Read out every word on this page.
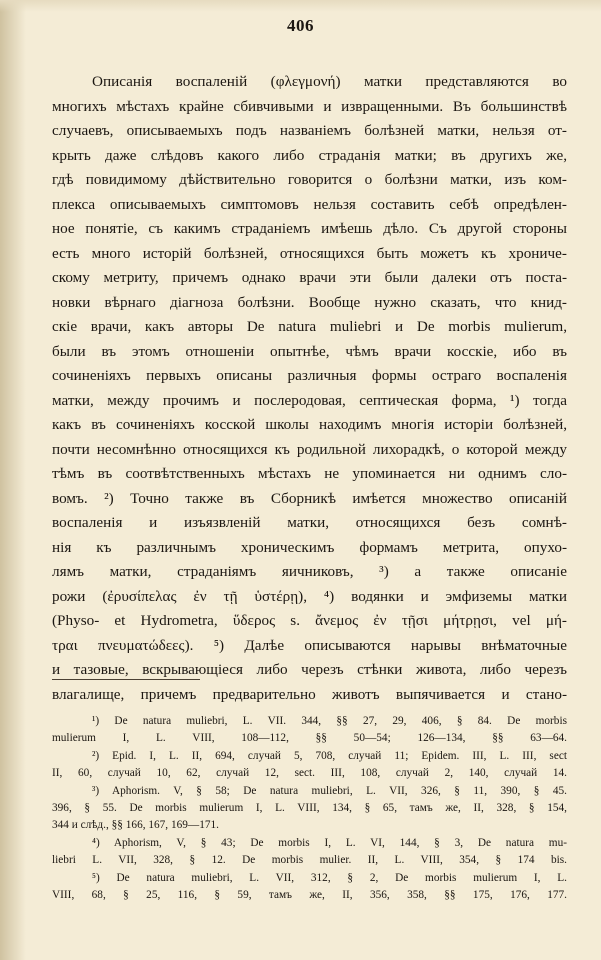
406
Описанія воспаленій (φλεγμονή) матки представляются во
многихъ мѣстахъ крайне сбивчивыми и извращенными. Въ большинствѣ
случаевъ, описываемыхъ подъ названіемъ болѣзней матки, нельзя от-
крыть даже слѣдовъ какого либо страданія матки; въ другихъ же,
гдѣ повидимому дѣйствительно говорится о болѣзни матки, изъ ком-
плекса описываемыхъ симптомовъ нельзя составить себѣ опредѣлен-
ное понятіе, съ какимъ страданіемъ имѣешь дѣло. Съ другой стороны
есть много исторій болѣзней, относящихся быть можетъ къ хрониче-
скому метриту, причемъ однако врачи эти были далеки отъ поста-
новки вѣрнаго діагноза болѣзни. Вообще нужно сказать, что книд-
скіе врачи, какъ авторы De natura muliebri и De morbis mulierum,
были въ этомъ отношеніи опытнѣе, чѣмъ врачи косскіе, ибо въ
сочиненіяхъ первыхъ описаны различныя формы остраго воспаленія
матки, между прочимъ и послеродовая, септическая форма, ¹) тогда
какъ въ сочиненіяхъ косской школы находимъ многія исторіи болѣзней,
почти несомнѣнно относящихся къ родильной лихорадкѣ, о которой между
тѣмъ въ соотвѣтственныхъ мѣстахъ не упоминается ни однимъ сло-
вомъ. ²) Точно также въ Сборникѣ имѣется множество описаній
воспаленія и изъязвленій матки, относящихся безъ сомнѣ-
нія къ различнымъ хроническимъ формамъ метрита, опухо-
лямъ матки, страданіямъ яичниковъ, ³) а также описаніе
рожи (ἐρυσίπελας ἐν τῇ ὑστέρῃ), ⁴) водянки и эмфиземы матки
(Physo- et Hydrometra, ὕδερος s. ἄνεμος ἐν τῇσι μήτρῃσι, vel μή-
τραι πνευματώδεες). ⁵) Далѣе описываются нарывы внѣматочные
и тазовые, вскрывающіеся либо черезъ стѣнки живота, либо черезъ
влагалище, причемъ предварительно животъ выпячивается и стано-
¹) De natura muliebri, L. VII. 344, §§ 27, 29, 406, § 84. De morbis
mulierum I, L. VIII, 108—112, §§ 50—54; 126—134, §§ 63—64.
²) Epid. I, L. II, 694, случай 5, 708, случай 11; Epidem. III, L. III, sect
II, 60, случай 10, 62, случай 12, sect. III, 108, случай 2, 140, случай 14.
³) Aphorism. V, § 58; De natura muliebri, L. VII, 326, § 11, 390, § 45.
396, § 55. De morbis mulierum I, L. VIII, 134, § 65, тамъ же, II, 328, § 154,
344 и слѣд., §§ 166, 167, 169—171.
⁴) Aphorism, V, § 43; De morbis I, L. VI, 144, § 3, De natura mu-
liebri L. VII, 328, § 12. De morbis mulier. II, L. VIII, 354, § 174 bis.
⁵) De natura muliebri, L. VII, 312, § 2, De morbis mulierum I, L.
VIII, 68, § 25, 116, § 59, тамъ же, II, 356, 358, §§ 175, 176, 177.
